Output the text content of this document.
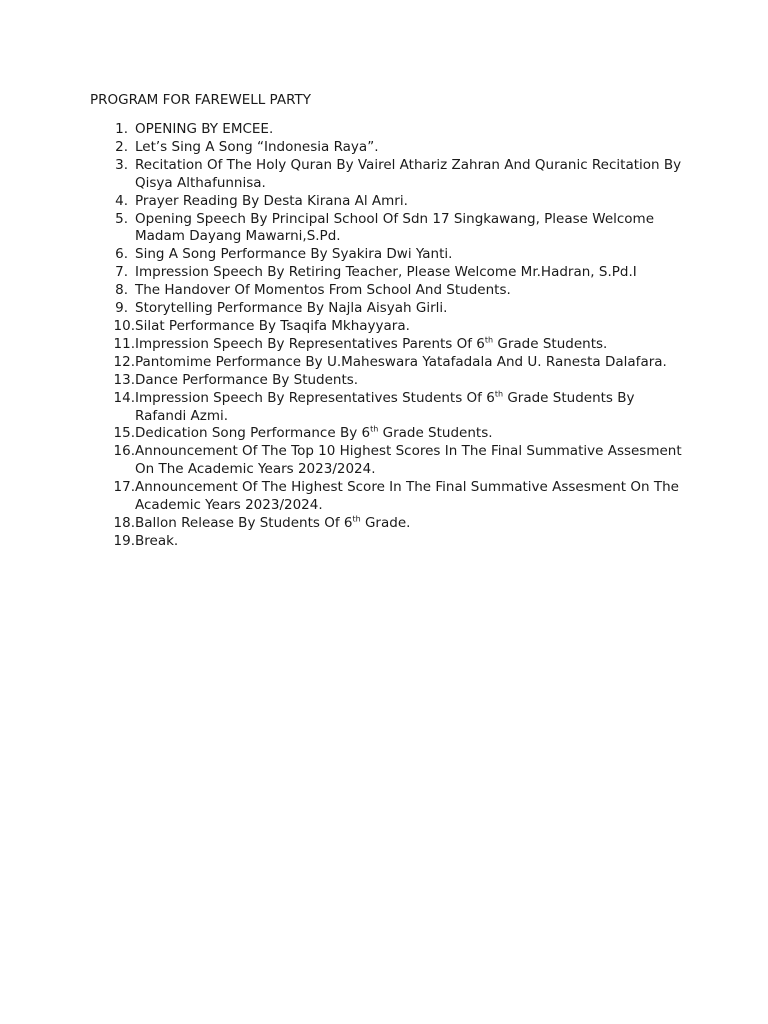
PROGRAM FOR FAREWELL PARTY
1. OPENING BY EMCEE.
2. Let’s Sing A Song “Indonesia Raya”.
3. Recitation Of The Holy Quran By Vairel Athariz Zahran And Quranic Recitation By Qisya Althafunnisa.
4. Prayer Reading By Desta Kirana Al Amri.
5. Opening Speech By Principal School Of Sdn 17 Singkawang, Please Welcome Madam Dayang Mawarni,S.Pd.
6. Sing A Song Performance By Syakira Dwi Yanti.
7. Impression Speech By Retiring Teacher, Please Welcome Mr.Hadran, S.Pd.I
8. The Handover Of Momentos From School And Students.
9. Storytelling Performance By Najla Aisyah Girli.
10. Silat Performance By Tsaqifa Mkhayyara.
11. Impression Speech By Representatives Parents Of 6th Grade Students.
12. Pantomime Performance By U.Maheswara Yatafadala And U. Ranesta Dalafara.
13. Dance Performance By Students.
14. Impression Speech By Representatives Students Of 6th Grade Students By Rafandi Azmi.
15. Dedication Song Performance By 6th Grade Students.
16. Announcement Of The Top 10 Highest Scores In The Final Summative Assesment On The Academic Years 2023/2024.
17. Announcement Of The Highest Score In The Final Summative Assesment On The Academic Years 2023/2024.
18. Ballon Release By Students Of 6th Grade.
19. Break.
